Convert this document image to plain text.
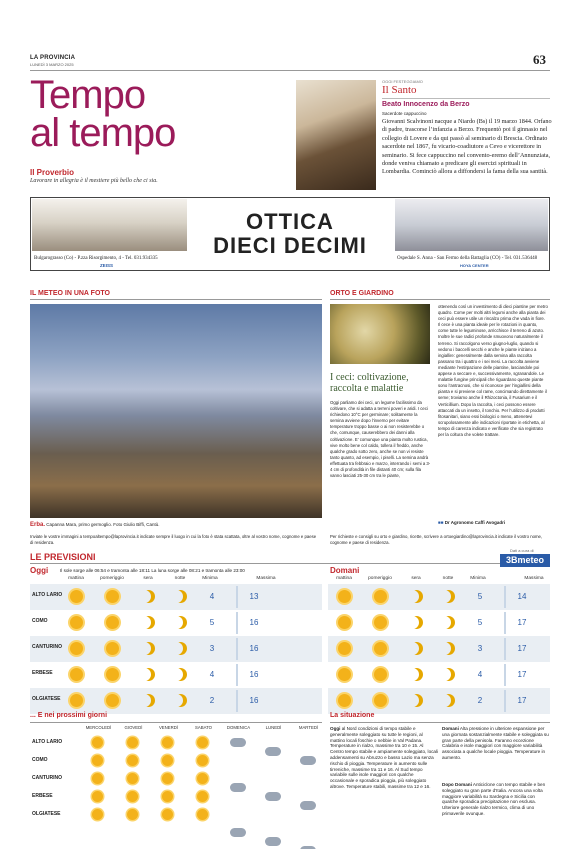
LA PROVINCIA
LUNEDÌ 3 MARZO 2025	63
Tempo
al tempo
Il Proverbio
Lavorare in allegria è il mestiere più bello che ci sia.
OGGI FESTEGGIAMO
Il Santo
Beato Innocenzo da Berzo
Sacerdote cappuccino
Giovanni Scalvinoni nacque a Niardo (Bs) il 19 marzo 1844. Orfano di padre, trascorse l’infanzia a Berzo. Frequentò poi il ginnasio nel collegio di Lovere e da qui passò al seminario di Brescia. Ordinato sacerdote nel 1867, fu vicario-coadiutore a Cevo e vicerettore in seminario. Si fece cappuccino nel convento-eremo dell’Annunziata, donde veniva chiamato a predicare gli esercizi spirituali in Lombardia. Cominciò allora a diffondersi la fama della sua santità.
OTTICA
DIECI DECIMI
Bulgarograsso (Co) - P.zza Risorgimento, 4 - Tel. 031.934335	Ospedale S. Anna - San Fermo della Battaglia (CO) - Tel. 031.536448
ZEISS	HOYA CENTER
IL METEO IN UNA FOTO
Erba. Capanna Mara, primo germoglio. Foto Giulio Biffi, Cantù.
Inviate le vostre immagini a tempoaltempo@laprovincia.it indicate sempre il luogo in cui la foto è stata scattata, oltre al vostro nome, cognome e paese di residenza.
ORTO E GIARDINO
I ceci: coltivazione, raccolta e malattie
Oggi parliamo dei ceci, un legume facilissimo da coltivare, che si adatta a terreni poveri e aridi. I ceci richiedono 10°C per germinare; solitamente la semina avviene dopo l’inverno per evitare temperature troppo basse o ai non resisterebbe o che, comunque, causerebbero dei danni alla coltivazione. E’ comunque una pianta molto rustica, vive molto bene col caldo, tollera il freddo, anche qualche grado sotto zero, anche se non vi resiste tanto quanto, ad esempio, i piselli. La semina andrà effettuata tra febbraio e marzo, interrando i semi a 3-4 cm di profondità in file distanti 40 cm; sulla fila vanno lasciati 25-30 cm tra le piante,
ottenendo così un investimento di dieci piantine per metro quadro. Come per molti altri legumi anche alla pianta dei ceci può essere utile un rincalzo prima che vada in fiore. Il cece è una pianta ideale per le rotazioni in quanto, come tutte le leguminose, arricchisce il terreno di azoto. Inoltre le sue radici profonde smuovono naturalmente il terreno. Si raccolgono verso giugno-luglio, quando si vedono i baccelli secchi e anche le piante iniziano a ingiallire: generalmente dalla semina alla raccolta passano tra i quattro e i sei mesi. La raccolta avviene mediante l’estirpazione delle piantine, lasciandole poi appese a seccare e, successivamente, sgranandole. Le malattie fungine principali che riguardano queste piante sono l’antracnosi, che si riconosce per l’ingiallirsi della pianta e si previene col rame, concimando direttamente il seme; troviamo anche il Rhizoctonia, il Fusarium e il Verticillium. Dopo la raccolta, i ceci possono essere attaccati da un insetto, il tonchio. Per l’utilizzo di prodotti fitosanitari, siano essi biologici o meno, attenetevi scrupolosamente alle indicazioni riportate in etichetta, al tempo di carenza indicato e verificate che sia registrato per la coltura che volete trattare.
■■ Dr Agronomo Caffi Avogadri
Per richieste e consigli su orto e giardino, ricette, scrivere a ortoegiardino@laprovincia.it indicate il vostro nome, cognome e paese di residenza.
LE PREVISIONI
Dati a cura di
3Bmeteo
Oggi	Il sole sorge alle 06:54 e tramonta alle 18:11 La luna sorge alle 08:21 e tramonta alle 23:00	Domani
mattina	pomeriggio	sera	notte	Minima	Massima
ALTO LARIO	4	13
COMO	5	16
CANTURINO	3	16
ERBESE	4	16
OLGIATESE	2	16
mattina	pomeriggio	sera	notte	Minima	Massima
5	14
5	17
3	17
4	17
2	17
... E nei prossimi giorni
MERCOLEDÌ	GIOVEDÌ	VENERDÌ	SABATO	DOMENICA	LUNEDÌ	MARTEDÌ
ALTO LARIO
COMO
CANTURINO
ERBESE
OLGIATESE
La situazione
Oggi al Nord condizioni di tempo stabile e generalmente soleggiato su tutte le regioni, al mattino locali foschie o nebbie in Val Padana. Temperature in rialzo, massime tra 10 e 15. Al Centro tempo stabile e ampiamente soleggiato, locali addensamenti su Abruzzo e basso Lazio ma senza rischio di pioggia. Temperature in aumento sulle tirreniche, massime tra 11 e 16. Al Sud tempo variabile sulle isole maggiori con qualche occasionale e sporadica pioggia, più soleggiato altrove. Temperature stabili, massime tra 12 e 16.
Domani Alta pressione in ulteriore espansione per una giornata sostanzialmente stabile e soleggiata su gran parte della penisola. Faranno eccezione Calabria e isole maggiori con maggiore variabilità associata a qualche locale pioggia. Temperature in aumento.
Dopo Domani Anticiclone con tempo stabile e ben soleggiato su gran parte d’Italia. Ancora una volta maggiore variabilità su Sardegna e Sicilia con qualche sporadica precipitazione non esclusa. Ulteriore generale rialzo termico, clima di uno primaverile ovunque.
